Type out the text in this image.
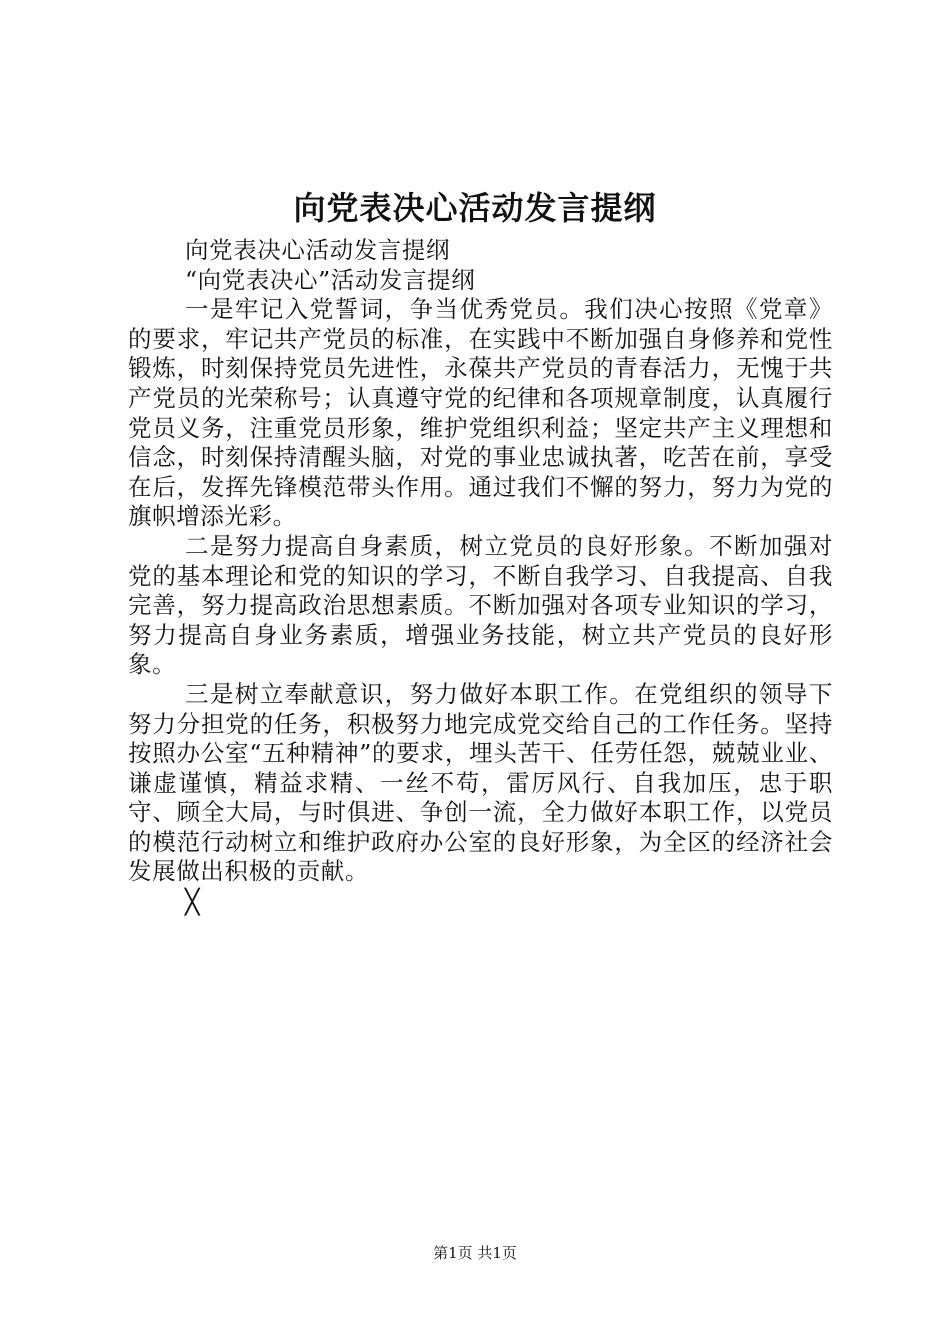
向党表决心活动发言提纲

向党表决心活动发言提纲

“向党表决心”活动发言提纲

一是牢记入党誓词，争当优秀党员。我们决心按照《党章》的要求，牢记共产党员的标准，在实践中不断加强自身修养和党性锻炼，时刻保持党员先进性，永葆共产党员的青春活力，无愧于共产党员的光荣称号；认真遵守党的纪律和各项规章制度，认真履行党员义务，注重党员形象，维护党组织利益；坚定共产主义理想和信念，时刻保持清醒头脑，对党的事业忠诚执著，吃苦在前，享受在后，发挥先锋模范带头作用。通过我们不懈的努力，努力为党的旗帜增添光彩。

二是努力提高自身素质，树立党员的良好形象。不断加强对党的基本理论和党的知识的学习，不断自我学习、自我提高、自我完善，努力提高政治思想素质。不断加强对各项专业知识的学习，努力提高自身业务素质，增强业务技能，树立共产党员的良好形象。

三是树立奉献意识，努力做好本职工作。在党组织的领导下努力分担党的任务，积极努力地完成党交给自己的工作任务。坚持按照办公室“五种精神”的要求，埋头苦干、任劳任怨，兢兢业业、谦虚谨慎，精益求精、一丝不苟，雷厉风行、自我加压，忠于职守、顾全大局，与时俱进、争创一流，全力做好本职工作，以党员的模范行动树立和维护政府办公室的良好形象，为全区的经济社会发展做出积极的贡献。

╳

第1页 共1页
